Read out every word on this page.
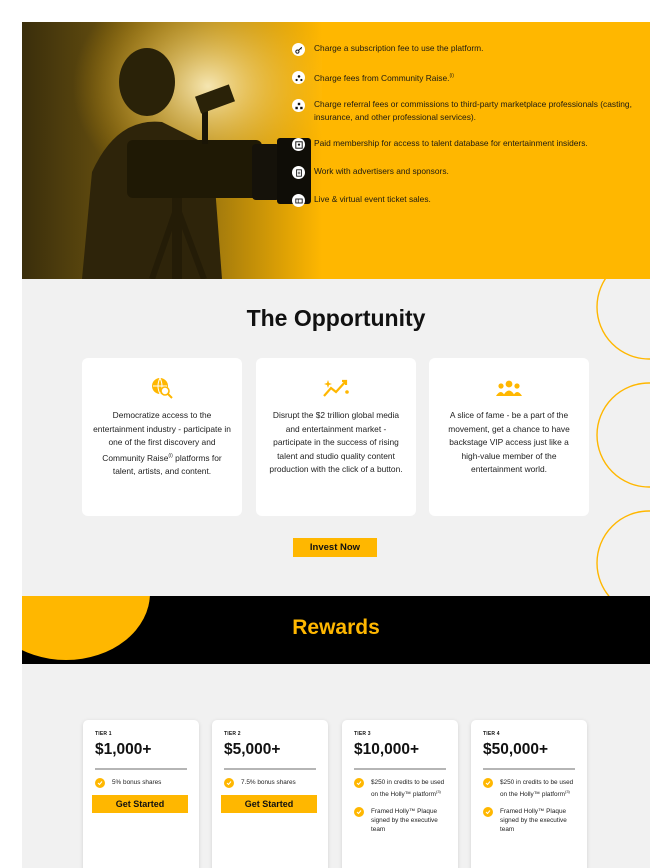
Charge a subscription fee to use the platform.
Charge fees from Community Raise.$^{(i)}$
Charge referral fees or commissions to third-party marketplace professionals (casting, insurance, and other professional services).
Paid membership for access to talent database for entertainment insiders.
Work with advertisers and sponsors.
Live & virtual event ticket sales.
The Opportunity

Democratize access to the entertainment industry - participate in one of the first discovery and Community Raise$^{(i)}$ platforms for talent, artists, and content.

Disrupt the $2 trillion global media and entertainment market - participate in the success of rising talent and studio quality content production with the click of a button.

A slice of fame - be a part of the movement, get a chance to have backstage VIP access just like a high-value member of the entertainment world.

Invest Now
Rewards
TIER 1
$1,000+
5% bonus shares
Get Started
TIER 2
$5,000+
7.5% bonus shares
Get Started
TIER 3
$10,000+
$250 in credits to be used on the Holly™ platform$^{(3)}$
Framed Holly™ Plaque signed by the executive team
TIER 4
$50,000+
$250 in credits to be used on the Holly™ platform$^{(3)}$
Framed Holly™ Plaque signed by the executive team
